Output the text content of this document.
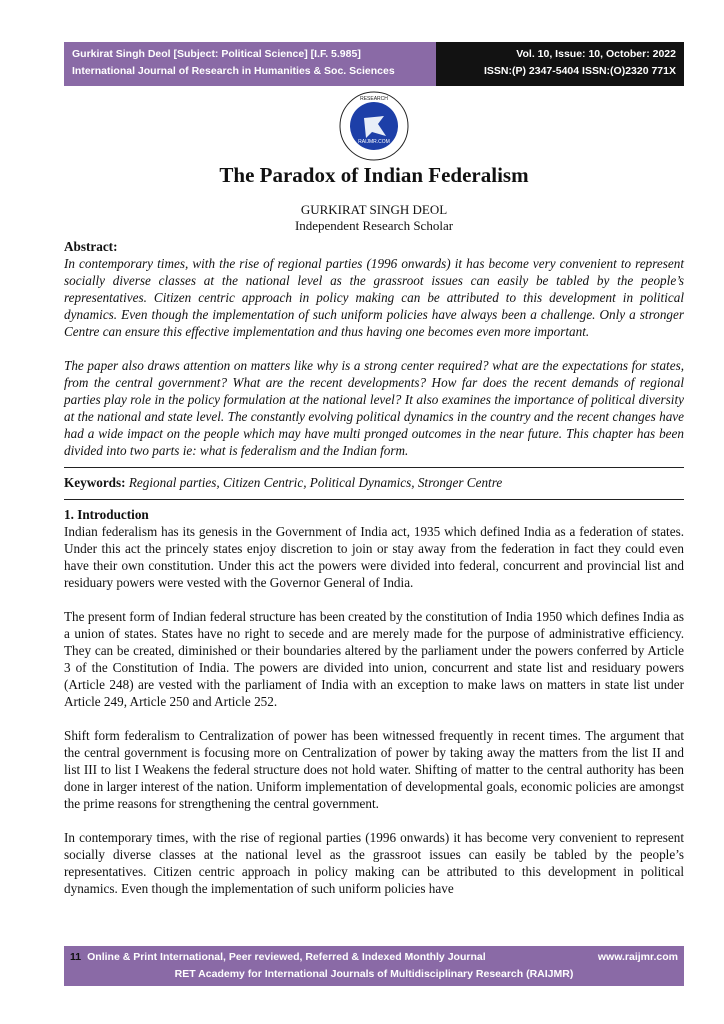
Gurkirat Singh Deol [Subject: Political Science] [I.F. 5.985]
International Journal of Research in Humanities & Soc. Sciences
Vol. 10, Issue: 10, October: 2022
ISSN:(P) 2347-5404 ISSN:(O)2320 771X
RAIJMR.COM
RESEARCH
The Paradox of Indian Federalism
GURKIRAT SINGH DEOL
Independent Research Scholar

Abstract:

In contemporary times, with the rise of regional parties (1996 onwards) it has become very convenient to represent socially diverse classes at the national level as the grassroot issues can easily be tabled by the people’s representatives. Citizen centric approach in policy making can be attributed to this development in political dynamics. Even though the implementation of such uniform policies have always been a challenge. Only a stronger Centre can ensure this effective implementation and thus having one becomes even more important.

The paper also draws attention on matters like why is a strong center required? what are the expectations for states, from the central government? What are the recent developments? How far does the recent demands of regional parties play role in the policy formulation at the national level? It also examines the importance of political diversity at the national and state level. The constantly evolving political dynamics in the country and the recent changes have had a wide impact on the people which may have multi pronged outcomes in the near future. This chapter has been divided into two parts ie: what is federalism and the Indian form.

Keywords: Regional parties, Citizen Centric, Political Dynamics, Stronger Centre

1. Introduction

Indian federalism has its genesis in the Government of India act, 1935 which defined India as a federation of states. Under this act the princely states enjoy discretion to join or stay away from the federation in fact they could even have their own constitution. Under this act the powers were divided into federal, concurrent and provincial list and residuary powers were vested with the Governor General of India.

The present form of Indian federal structure has been created by the constitution of India 1950 which defines India as a union of states. States have no right to secede and are merely made for the purpose of administrative efficiency. They can be created, diminished or their boundaries altered by the parliament under the powers conferred by Article 3 of the Constitution of India. The powers are divided into union, concurrent and state list and residuary powers (Article 248) are vested with the parliament of India with an exception to make laws on matters in state list under Article 249, Article 250 and Article 252.

Shift form federalism to Centralization of power has been witnessed frequently in recent times. The argument that the central government is focusing more on Centralization of power by taking away the matters from the list II and list III to list I Weakens the federal structure does not hold water. Shifting of matter to the central authority has been done in larger interest of the nation. Uniform implementation of developmental goals, economic policies are amongst the prime reasons for strengthening the central government.

In contemporary times, with the rise of regional parties (1996 onwards) it has become very convenient to represent socially diverse classes at the national level as the grassroot issues can easily be tabled by the people’s representatives. Citizen centric approach in policy making can be attributed to this development in political dynamics. Even though the implementation of such uniform policies have

11 Online & Print International, Peer reviewed, Referred & Indexed Monthly Journal	www.raijmr.com
RET Academy for International Journals of Multidisciplinary Research (RAIJMR)
